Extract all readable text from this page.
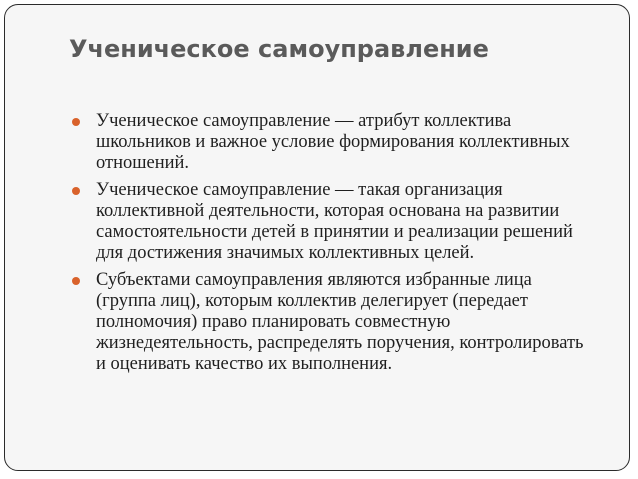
Ученическое самоуправление
Ученическое самоуправление — атрибут коллектива школьников и важное условие формирования коллективных отношений.
Ученическое самоуправление — такая организация коллективной деятельности, которая основана на развитии самостоятельности детей в принятии и реализации решений для достижения значимых коллективных целей.
Субъектами самоуправления являются избранные лица (группа лиц), которым коллектив делегирует (передает полномочия) право планировать совместную жизнедеятельность, распределять поручения, контролировать и оценивать качество их выполнения.
